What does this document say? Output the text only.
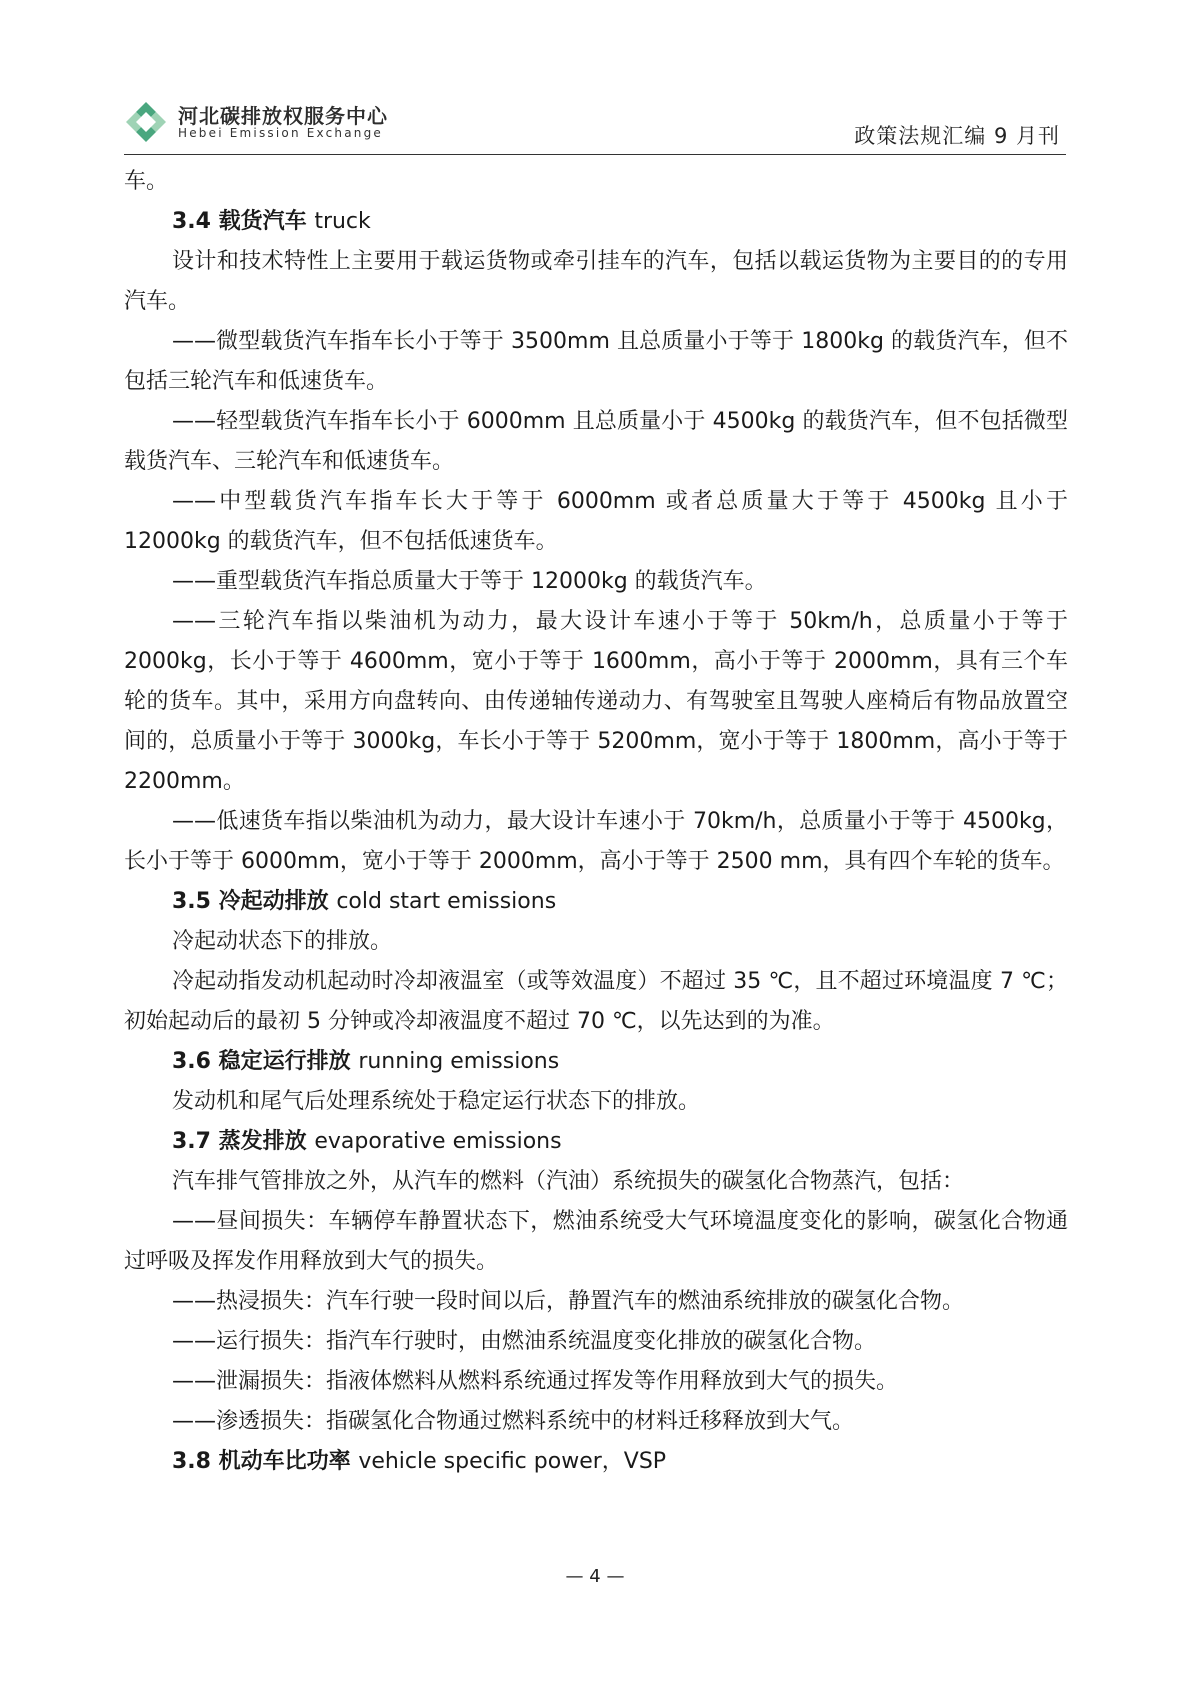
河北碳排放权服务中心
Hebei Emission Exchange	政策法规汇编 9 月刊

车。

3.4 载货汽车 truck

设计和技术特性上主要用于载运货物或牵引挂车的汽车，包括以载运货物为主要目的的专用汽车。

——微型载货汽车指车长小于等于 3500mm 且总质量小于等于 1800kg 的载货汽车，但不包括三轮汽车和低速货车。

——轻型载货汽车指车长小于 6000mm 且总质量小于 4500kg 的载货汽车，但不包括微型载货汽车、三轮汽车和低速货车。

——中型载货汽车指车长大于等于 6000mm 或者总质量大于等于 4500kg 且小于 12000kg 的载货汽车，但不包括低速货车。

——重型载货汽车指总质量大于等于 12000kg 的载货汽车。

——三轮汽车指以柴油机为动力，最大设计车速小于等于 50km/h，总质量小于等于 2000kg，长小于等于 4600mm，宽小于等于 1600mm，高小于等于 2000mm，具有三个车轮的货车。其中，采用方向盘转向、由传递轴传递动力、有驾驶室且驾驶人座椅后有物品放置空间的，总质量小于等于 3000kg，车长小于等于 5200mm，宽小于等于 1800mm，高小于等于 2200mm。

——低速货车指以柴油机为动力，最大设计车速小于 70km/h，总质量小于等于 4500kg，长小于等于 6000mm，宽小于等于 2000mm，高小于等于 2500 mm，具有四个车轮的货车。

3.5 冷起动排放 cold start emissions

冷起动状态下的排放。

冷起动指发动机起动时冷却液温室（或等效温度）不超过 35 ℃，且不超过环境温度 7 ℃；初始起动后的最初 5 分钟或冷却液温度不超过 70 ℃，以先达到的为准。

3.6 稳定运行排放 running emissions

发动机和尾气后处理系统处于稳定运行状态下的排放。

3.7 蒸发排放 evaporative emissions

汽车排气管排放之外，从汽车的燃料（汽油）系统损失的碳氢化合物蒸汽，包括：

——昼间损失：车辆停车静置状态下，燃油系统受大气环境温度变化的影响，碳氢化合物通过呼吸及挥发作用释放到大气的损失。

——热浸损失：汽车行驶一段时间以后，静置汽车的燃油系统排放的碳氢化合物。

——运行损失：指汽车行驶时，由燃油系统温度变化排放的碳氢化合物。

——泄漏损失：指液体燃料从燃料系统通过挥发等作用释放到大气的损失。

——渗透损失：指碳氢化合物通过燃料系统中的材料迁移释放到大气。

3.8 机动车比功率 vehicle specific power，VSP

— 4 —
